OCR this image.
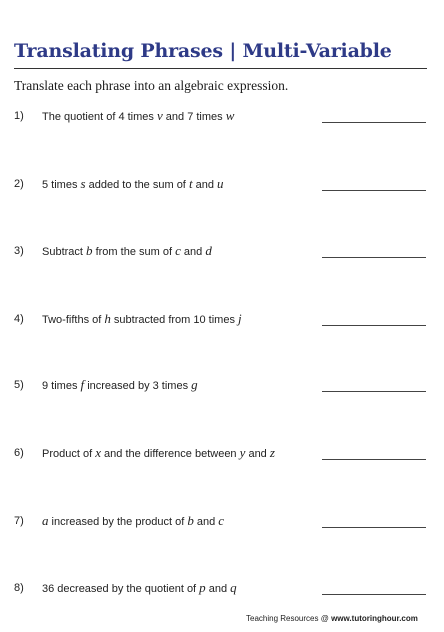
Translating Phrases | Multi-Variable
Translate each phrase into an algebraic expression.
1) The quotient of 4 times v and 7 times w
2) 5 times s added to the sum of t and u
3) Subtract b from the sum of c and d
4) Two-fifths of h subtracted from 10 times j
5) 9 times f increased by 3 times g
6) Product of x and the difference between y and z
7) a increased by the product of b and c
8) 36 decreased by the quotient of p and q
Teaching Resources @ www.tutoringhour.com
